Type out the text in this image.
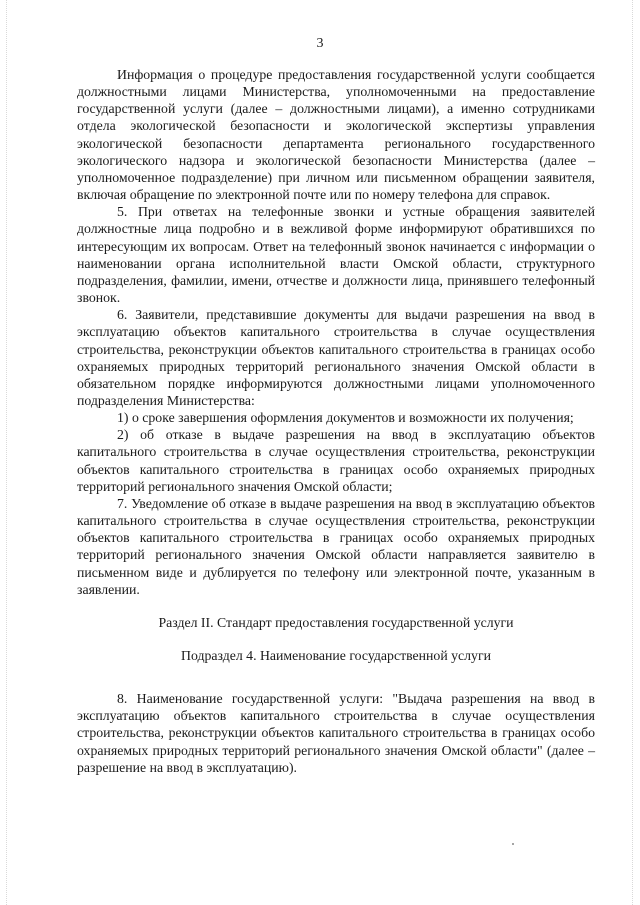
3

Информация о процедуре предоставления государственной услуги сообщается должностными лицами Министерства, уполномоченными на предоставление государственной услуги (далее – должностными лицами), а именно сотрудниками отдела экологической безопасности и экологической экспертизы управления экологической безопасности департамента регионального государственного экологического надзора и экологической безопасности Министерства (далее – уполномоченное подразделение) при личном или письменном обращении заявителя, включая обращение по электронной почте или по номеру телефона для справок.

5. При ответах на телефонные звонки и устные обращения заявителей должностные лица подробно и в вежливой форме информируют обратившихся по интересующим их вопросам. Ответ на телефонный звонок начинается с информации о наименовании органа исполнительной власти Омской области, структурного подразделения, фамилии, имени, отчестве и должности лица, принявшего телефонный звонок.

6. Заявители, представившие документы для выдачи разрешения на ввод в эксплуатацию объектов капитального строительства в случае осуществления строительства, реконструкции объектов капитального строительства в границах особо охраняемых природных территорий регионального значения Омской области в обязательном порядке информируются должностными лицами уполномоченного подразделения Министерства:

1) о сроке завершения оформления документов и возможности их получения;

2) об отказе в выдаче разрешения на ввод в эксплуатацию объектов капитального строительства в случае осуществления строительства, реконструкции объектов капитального строительства в границах особо охраняемых природных территорий регионального значения Омской области;

7. Уведомление об отказе в выдаче разрешения на ввод в эксплуатацию объектов капитального строительства в случае осуществления строительства, реконструкции объектов капитального строительства в границах особо охраняемых природных территорий регионального значения Омской области направляется заявителю в письменном виде и дублируется по телефону или электронной почте, указанным в заявлении.

Раздел II. Стандарт предоставления государственной услуги
Подраздел 4. Наименование государственной услуги

8. Наименование государственной услуги: "Выдача разрешения на ввод в эксплуатацию объектов капитального строительства в случае осуществления строительства, реконструкции объектов капитального строительства в границах особо охраняемых природных территорий регионального значения Омской области" (далее – разрешение на ввод в эксплуатацию).
